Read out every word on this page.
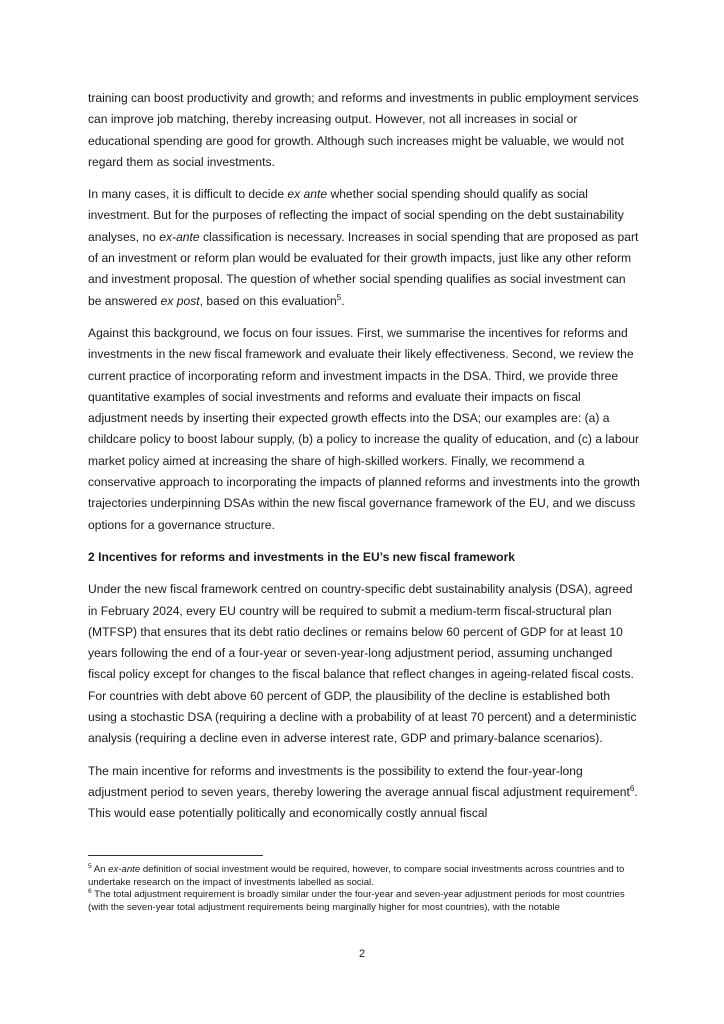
training can boost productivity and growth; and reforms and investments in public employment services can improve job matching, thereby increasing output. However, not all increases in social or educational spending are good for growth. Although such increases might be valuable, we would not regard them as social investments.

In many cases, it is difficult to decide ex ante whether social spending should qualify as social investment. But for the purposes of reflecting the impact of social spending on the debt sustainability analyses, no ex-ante classification is necessary. Increases in social spending that are proposed as part of an investment or reform plan would be evaluated for their growth impacts, just like any other reform and investment proposal. The question of whether social spending qualifies as social investment can be answered ex post, based on this evaluation$^5$.

Against this background, we focus on four issues. First, we summarise the incentives for reforms and investments in the new fiscal framework and evaluate their likely effectiveness. Second, we review the current practice of incorporating reform and investment impacts in the DSA. Third, we provide three quantitative examples of social investments and reforms and evaluate their impacts on fiscal adjustment needs by inserting their expected growth effects into the DSA; our examples are: (a) a childcare policy to boost labour supply, (b) a policy to increase the quality of education, and (c) a labour market policy aimed at increasing the share of high-skilled workers. Finally, we recommend a conservative approach to incorporating the impacts of planned reforms and investments into the growth trajectories underpinning DSAs within the new fiscal governance framework of the EU, and we discuss options for a governance structure.

2 Incentives for reforms and investments in the EU’s new fiscal framework

Under the new fiscal framework centred on country-specific debt sustainability analysis (DSA), agreed in February 2024, every EU country will be required to submit a medium-term fiscal-structural plan (MTFSP) that ensures that its debt ratio declines or remains below 60 percent of GDP for at least 10 years following the end of a four-year or seven-year-long adjustment period, assuming unchanged fiscal policy except for changes to the fiscal balance that reflect changes in ageing-related fiscal costs. For countries with debt above 60 percent of GDP, the plausibility of the decline is established both using a stochastic DSA (requiring a decline with a probability of at least 70 percent) and a deterministic analysis (requiring a decline even in adverse interest rate, GDP and primary-balance scenarios).

The main incentive for reforms and investments is the possibility to extend the four-year-long adjustment period to seven years, thereby lowering the average annual fiscal adjustment requirement$^6$. This would ease potentially politically and economically costly annual fiscal

$^5$ An ex-ante definition of social investment would be required, however, to compare social investments across countries and to undertake research on the impact of investments labelled as social.

$^6$ The total adjustment requirement is broadly similar under the four-year and seven-year adjustment periods for most countries (with the seven-year total adjustment requirements being marginally higher for most countries), with the notable

2
